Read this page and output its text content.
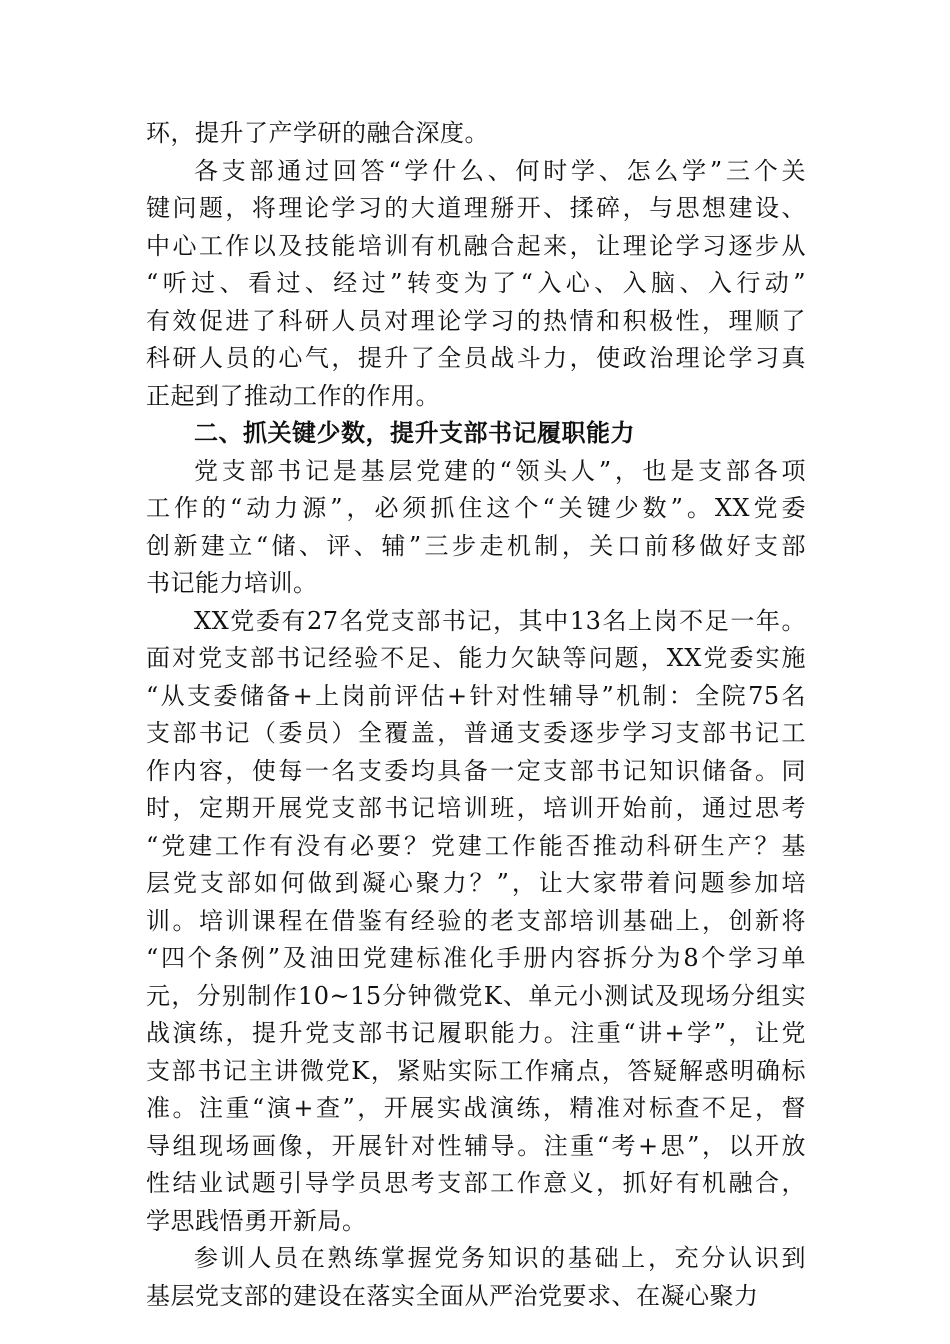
环，提升了产学研的融合深度。
各支部通过回答“学什么、何时学、怎么学”三个关
键问题，将理论学习的大道理掰开、揉碎，与思想建设、
中心工作以及技能培训有机融合起来，让理论学习逐步从
“听过、看过、经过”转变为了“入心、入脑、入行动”
有效促进了科研人员对理论学习的热情和积极性，理顺了
科研人员的心气，提升了全员战斗力，使政治理论学习真
正起到了推动工作的作用。
二、抓关键少数，提升支部书记履职能力
党支部书记是基层党建的“领头人”，也是支部各项
工作的“动力源”，必须抓住这个“关键少数”。XX党委
创新建立“储、评、辅”三步走机制，关口前移做好支部
书记能力培训。
XX党委有27名党支部书记，其中13名上岗不足一年。
面对党支部书记经验不足、能力欠缺等问题，XX党委实施
“从支委储备+上岗前评估+针对性辅导”机制：全院75名
支部书记（委员）全覆盖，普通支委逐步学习支部书记工
作内容，使每一名支委均具备一定支部书记知识储备。同
时，定期开展党支部书记培训班，培训开始前，通过思考
“党建工作有没有必要？党建工作能否推动科研生产？基
层党支部如何做到凝心聚力？”，让大家带着问题参加培
训。培训课程在借鉴有经验的老支部培训基础上，创新将
“四个条例”及油田党建标准化手册内容拆分为8个学习单
元，分别制作10~15分钟微党K、单元小测试及现场分组实
战演练，提升党支部书记履职能力。注重“讲+学”，让党
支部书记主讲微党K，紧贴实际工作痛点，答疑解惑明确标
准。注重“演+查”，开展实战演练，精准对标查不足，督
导组现场画像，开展针对性辅导。注重“考+思”，以开放
性结业试题引导学员思考支部工作意义，抓好有机融合，
学思践悟勇开新局。
参训人员在熟练掌握党务知识的基础上，充分认识到
基层党支部的建设在落实全面从严治党要求、在凝心聚力
